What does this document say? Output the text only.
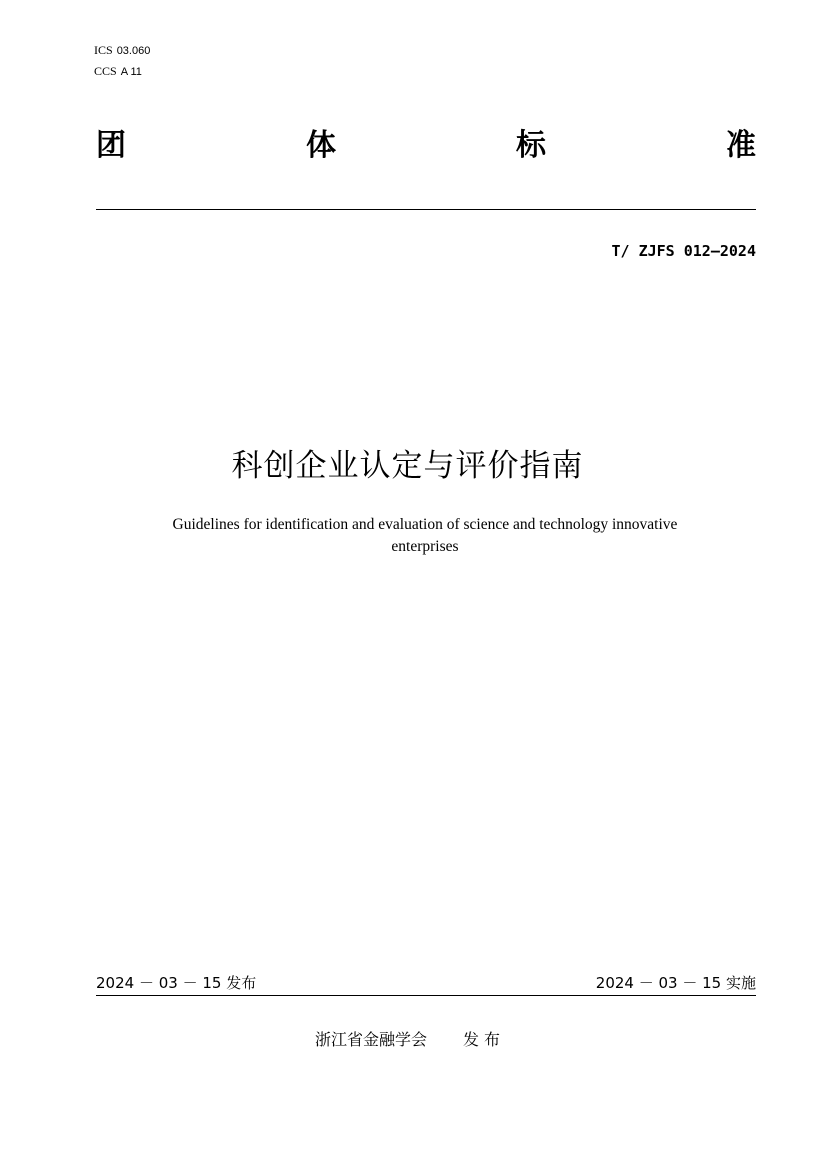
ICS 03.060
CCS A 11
团	体	标	准
T/ ZJFS 012—2024
科创企业认定与评价指南
Guidelines for identification and evaluation of science and technology innovative
enterprises
2024 － 03 － 15 发布	2024 － 03 － 15 实施
浙江省金融学会 发 布
